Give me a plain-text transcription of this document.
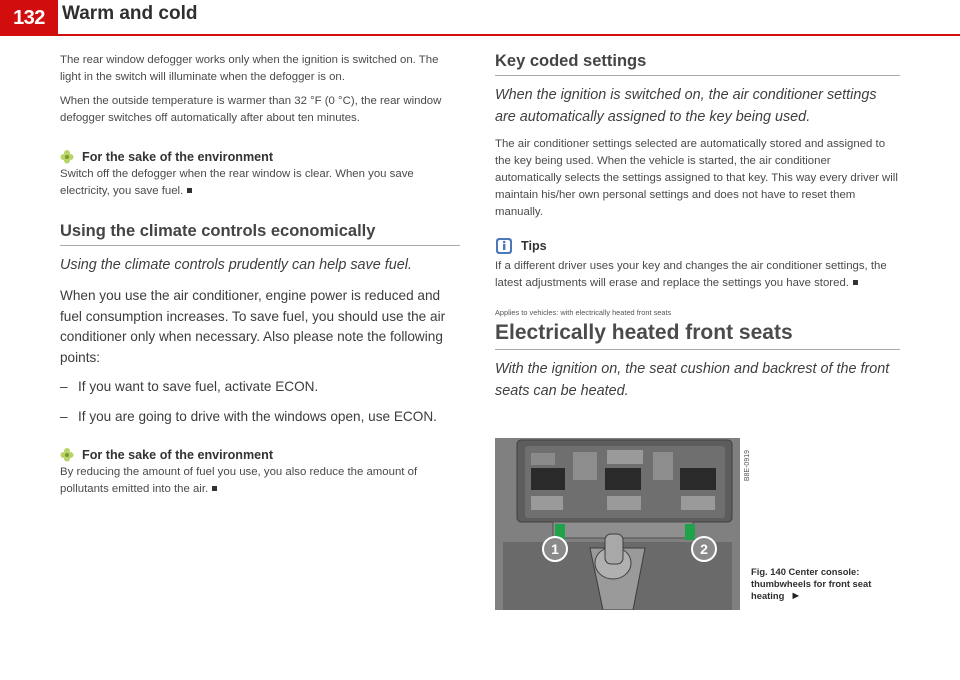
132 Warm and cold

The rear window defogger works only when the ignition is switched on. The light in the switch will illuminate when the defogger is on.

When the outside temperature is warmer than 32 °F (0 °C), the rear window defogger switches off automatically after about ten minutes.

For the sake of the environment

Switch off the defogger when the rear window is clear. When you save electricity, you save fuel.

Using the climate controls economically

Using the climate controls prudently can help save fuel.

When you use the air conditioner, engine power is reduced and fuel consumption increases. To save fuel, you should use the air conditioner only when necessary. Also please note the following points:

– If you want to save fuel, activate ECON.
– If you are going to drive with the windows open, use ECON.
For the sake of the environment

By reducing the amount of fuel you use, you also reduce the amount of pollutants emitted into the air.

Key coded settings

When the ignition is switched on, the air conditioner settings are automatically assigned to the key being used.

The air conditioner settings selected are automatically stored and assigned to the key being used. When the vehicle is started, the air conditioner automatically selects the settings assigned to that key. This way every driver will maintain his/her own personal settings and does not have to reset them manually.

Tips

If a different driver uses your key and changes the air conditioner settings, the latest adjustments will erase and replace the settings you have stored.

Applies to vehicles: with electrically heated front seats
Electrically heated front seats

With the ignition on, the seat cushion and backrest of the front seats can be heated.

1	2
B8E-0919
Fig. 140 Center console: thumbwheels for front seat heating ►
